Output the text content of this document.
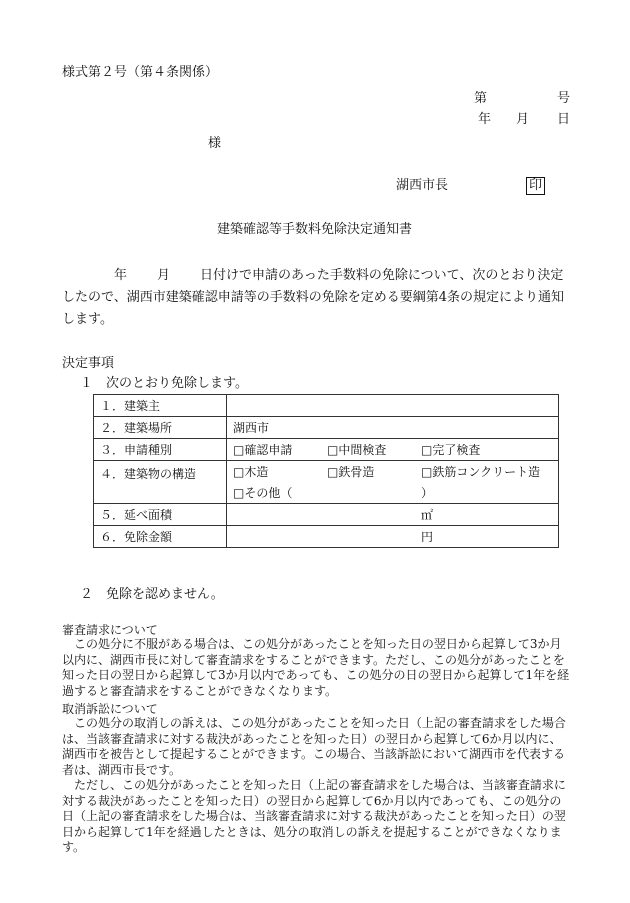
様式第２号（第４条関係）
第	号
年 月 日
様
湖西市長	印
建築確認等手数料免除決定通知書
年 月 日付けで申請のあった手数料の免除について、次のとおり決定したので、湖西市建築確認申請等の手数料の免除を定める要綱第4条の規定により通知します。
決定事項
１　次のとおり免除します。
１．建築主	
２．建築場所	湖西市
３．申請種別	□確認申請 □中間検査 □完了検査

４．建築物の構造	□木造 □鉄骨造 □鉄筋コンクリート造

	□その他（ ）

５．延べ面積	㎡

６．免除金額	円
２　免除を認めません。
審査請求について

この処分に不服がある場合は、この処分があったことを知った日の翌日から起算して3か月以内に、湖西市長に対して審査請求をすることができます。ただし、この処分があったことを知った日の翌日から起算して3か月以内であっても、この処分の日の翌日から起算して1年を経過すると審査請求をすることができなくなります。

取消訴訟について

この処分の取消しの訴えは、この処分があったことを知った日（上記の審査請求をした場合は、当該審査請求に対する裁決があったことを知った日）の翌日から起算して6か月以内に、湖西市を被告として提起することができます。この場合、当該訴訟において湖西市を代表する者は、湖西市長です。

ただし、この処分があったことを知った日（上記の審査請求をした場合は、当該審査請求に対する裁決があったことを知った日）の翌日から起算して6か月以内であっても、この処分の日（上記の審査請求をした場合は、当該審査請求に対する裁決があったことを知った日）の翌日から起算して1年を経過したときは、処分の取消しの訴えを提起することができなくなります。
